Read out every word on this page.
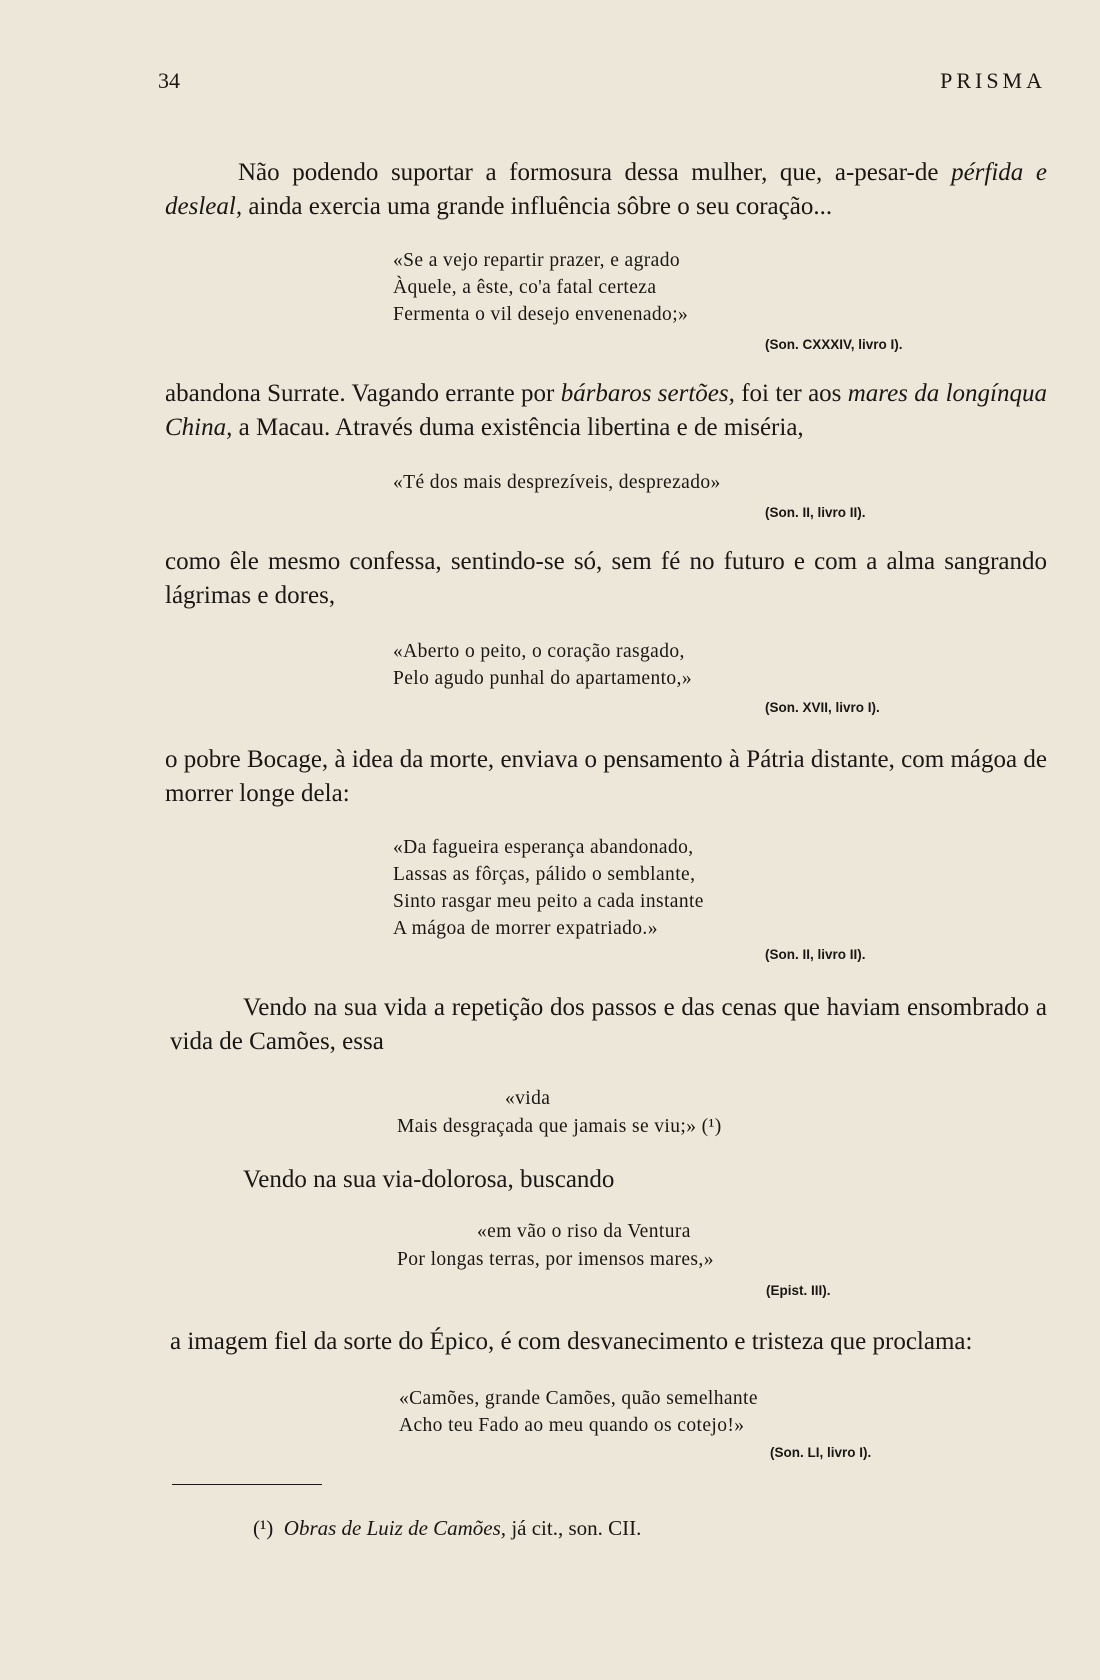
34	PRISMA
Não podendo suportar a formosura dessa mulher, que, a-pesar-de pérfida e desleal, ainda exercia uma grande influência sôbre o seu coração...
«Se a vejo repartir prazer, e agrado
Àquele, a êste, co'a fatal certeza
Fermenta o vil desejo envenenado;»
(Son. CXXXIV, livro I).
abandona Surrate. Vagando errante por bárbaros sertões, foi ter aos mares da longínqua China, a Macau. Através duma existência libertina e de miséria,
«Té dos mais desprezíveis, desprezado»
(Son. II, livro II).
como êle mesmo confessa, sentindo-se só, sem fé no futuro e com a alma sangrando lágrimas e dores,
«Aberto o peito, o coração rasgado,
Pelo agudo punhal do apartamento,»
(Son. XVII, livro I).
o pobre Bocage, à idea da morte, enviava o pensamento à Pátria distante, com mágoa de morrer longe dela:
«Da fagueira esperança abandonado,
Lassas as fôrças, pálido o semblante,
Sinto rasgar meu peito a cada instante
A mágoa de morrer expatriado.»
(Son. II, livro II).
Vendo na sua vida a repetição dos passos e das cenas que haviam ensombrado a vida de Camões, essa
«vida
Mais desgraçada que jamais se viu;» (¹)
Vendo na sua via-dolorosa, buscando
«em vão o riso da Ventura
Por longas terras, por imensos mares,»
(Epist. III).
a imagem fiel da sorte do Épico, é com desvanecimento e tristeza que proclama:
«Camões, grande Camões, quão semelhante
Acho teu Fado ao meu quando os cotejo!»
(Son. LI, livro I).
(¹) Obras de Luiz de Camões, já cit., son. CII.
